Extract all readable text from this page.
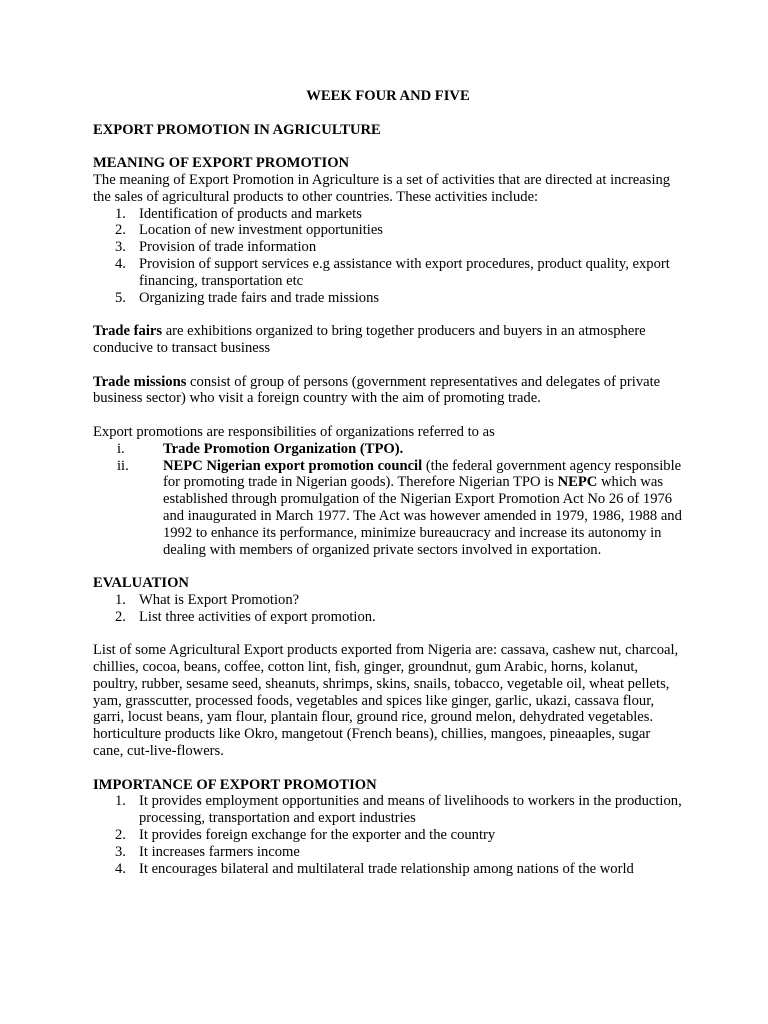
WEEK FOUR AND FIVE

EXPORT PROMOTION IN AGRICULTURE

MEANING OF EXPORT PROMOTION

The meaning of Export Promotion in Agriculture is a set of activities that are directed at increasing the sales of agricultural products to other countries. These activities include:

1. Identification of products and markets
2. Location of new investment opportunities
3. Provision of trade information
4. Provision of support services e.g assistance with export procedures, product quality, export financing, transportation etc
5. Organizing trade fairs and trade missions

Trade fairs are exhibitions organized to bring together producers and buyers in an atmosphere conducive to transact business

Trade missions consist of group of persons (government representatives and delegates of private business sector) who visit a foreign country with the aim of promoting trade.

Export promotions are responsibilities of organizations referred to as

i.	Trade Promotion Organization (TPO).
ii. NEPC Nigerian export promotion council (the federal government agency responsible for promoting trade in Nigerian goods). Therefore Nigerian TPO is NEPC which was established through promulgation of the Nigerian Export Promotion Act No 26 of 1976 and inaugurated in March 1977. The Act was however amended in 1979, 1986, 1988 and 1992 to enhance its performance, minimize bureaucracy and increase its autonomy in dealing with members of organized private sectors involved in exportation.

EVALUATION

1. What is Export Promotion?
2. List three activities of export promotion.

List of some Agricultural Export products exported from Nigeria are: cassava, cashew nut, charcoal, chillies, cocoa, beans, coffee, cotton lint, fish, ginger, groundnut, gum Arabic, horns, kolanut, poultry, rubber, sesame seed, sheanuts, shrimps, skins, snails, tobacco, vegetable oil, wheat pellets, yam, grasscutter, processed foods, vegetables and spices like ginger, garlic, ukazi, cassava flour, garri, locust beans, yam flour, plantain flour, ground rice, ground melon, dehydrated vegetables. horticulture products like Okro, mangetout (French beans), chillies, mangoes, pineaaples, sugar cane, cut-live-flowers.

IMPORTANCE OF EXPORT PROMOTION

1. It provides employment opportunities and means of livelihoods to workers in the production, processing, transportation and export industries
2. It provides foreign exchange for the exporter and the country
3. It increases farmers income
4. It encourages bilateral and multilateral trade relationship among nations of the world
